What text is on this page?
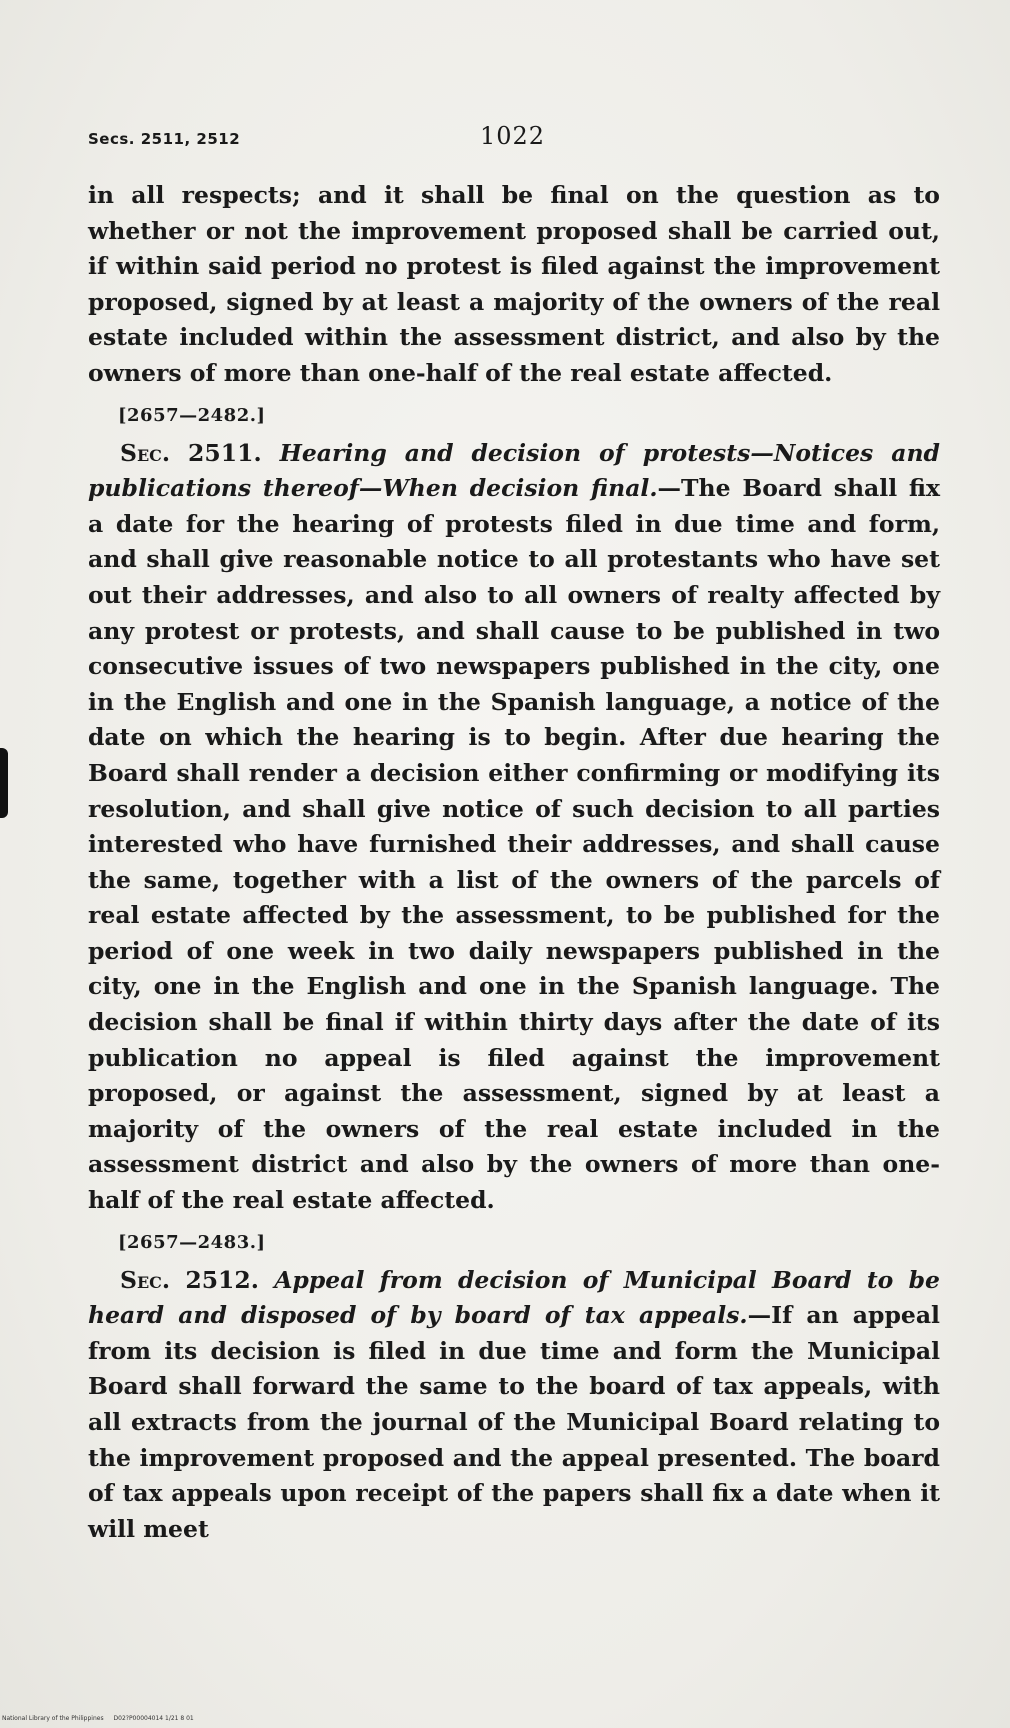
Secs. 2511, 2512	1022

in all respects; and it shall be final on the question as to whether or not the improvement proposed shall be carried out, if within said period no protest is filed against the improvement proposed, signed by at least a majority of the owners of the real estate included within the assessment district, and also by the owners of more than one-half of the real estate affected.

[2657—2482.]

Sec. 2511. Hearing and decision of protests—Notices and publications thereof—When decision final.—The Board shall fix a date for the hearing of protests filed in due time and form, and shall give reasonable notice to all protestants who have set out their addresses, and also to all owners of realty affected by any protest or protests, and shall cause to be published in two consecutive issues of two newspapers published in the city, one in the English and one in the Spanish language, a notice of the date on which the hearing is to begin. After due hearing the Board shall render a decision either confirming or modifying its resolution, and shall give notice of such decision to all parties interested who have furnished their addresses, and shall cause the same, together with a list of the owners of the parcels of real estate affected by the assessment, to be published for the period of one week in two daily newspapers published in the city, one in the English and one in the Spanish language. The decision shall be final if within thirty days after the date of its publication no appeal is filed against the improvement proposed, or against the assessment, signed by at least a majority of the owners of the real estate included in the assessment district and also by the owners of more than one-half of the real estate affected.

[2657—2483.]

Sec. 2512. Appeal from decision of Municipal Board to be heard and disposed of by board of tax appeals.—If an appeal from its decision is filed in due time and form the Municipal Board shall forward the same to the board of tax appeals, with all extracts from the journal of the Municipal Board relating to the improvement proposed and the appeal presented. The board of tax appeals upon receipt of the papers shall fix a date when it will meet

National Library of the Philippines D02?P00004014 1/21 8 01
